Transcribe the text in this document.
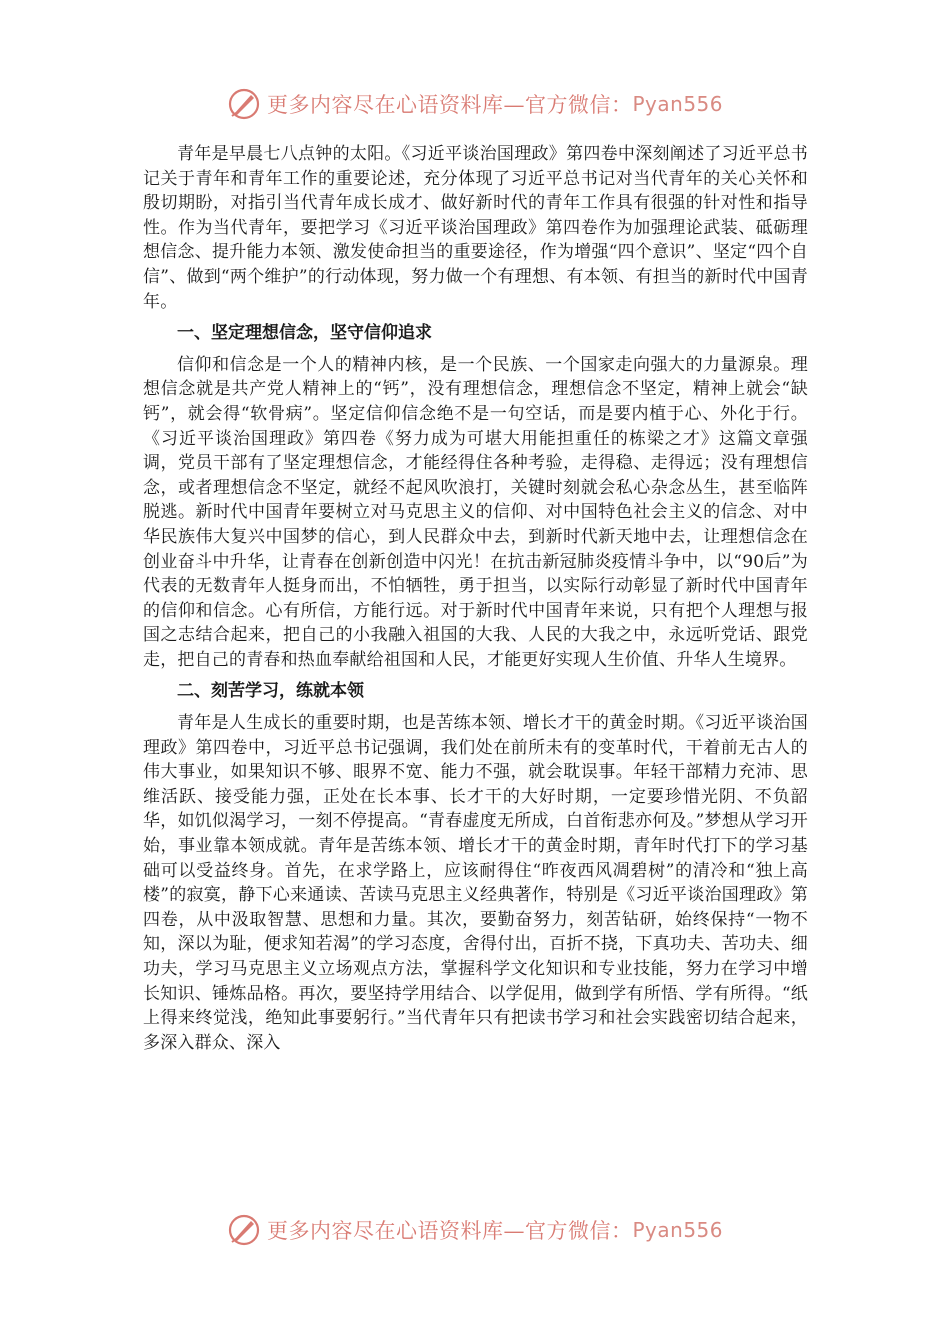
更多内容尽在心语资料库—官方微信： Pyan556

青年是早晨七八点钟的太阳。《习近平谈治国理政》第四卷中深刻阐述了习近平总书记关于青年和青年工作的重要论述，充分体现了习近平总书记对当代青年的关心关怀和殷切期盼，对指引当代青年成长成才、做好新时代的青年工作具有很强的针对性和指导性。作为当代青年，要把学习《习近平谈治国理政》第四卷作为加强理论武装、砥砺理想信念、提升能力本领、激发使命担当的重要途径，作为增强“四个意识”、坚定“四个自信”、做到“两个维护”的行动体现，努力做一个有理想、有本领、有担当的新时代中国青年。

一、坚定理想信念，坚守信仰追求

信仰和信念是一个人的精神内核，是一个民族、一个国家走向强大的力量源泉。理想信念就是共产党人精神上的“钙”，没有理想信念，理想信念不坚定，精神上就会“缺钙”，就会得“软骨病”。坚定信仰信念绝不是一句空话，而是要内植于心、外化于行。《习近平谈治国理政》第四卷《努力成为可堪大用能担重任的栋梁之才》这篇文章强调，党员干部有了坚定理想信念，才能经得住各种考验，走得稳、走得远；没有理想信念，或者理想信念不坚定，就经不起风吹浪打，关键时刻就会私心杂念丛生，甚至临阵脱逃。新时代中国青年要树立对马克思主义的信仰、对中国特色社会主义的信念、对中华民族伟大复兴中国梦的信心，到人民群众中去，到新时代新天地中去，让理想信念在创业奋斗中升华，让青春在创新创造中闪光！在抗击新冠肺炎疫情斗争中，以“90后”为代表的无数青年人挺身而出，不怕牺牲，勇于担当，以实际行动彰显了新时代中国青年的信仰和信念。心有所信，方能行远。对于新时代中国青年来说，只有把个人理想与报国之志结合起来，把自己的小我融入祖国的大我、人民的大我之中，永远听党话、跟党走，把自己的青春和热血奉献给祖国和人民，才能更好实现人生价值、升华人生境界。

二、刻苦学习，练就本领

青年是人生成长的重要时期，也是苦练本领、增长才干的黄金时期。《习近平谈治国理政》第四卷中，习近平总书记强调，我们处在前所未有的变革时代，干着前无古人的伟大事业，如果知识不够、眼界不宽、能力不强，就会耽误事。年轻干部精力充沛、思维活跃、接受能力强，正处在长本事、长才干的大好时期，一定要珍惜光阴、不负韶华，如饥似渴学习，一刻不停提高。“青春虚度无所成，白首衔悲亦何及。”梦想从学习开始，事业靠本领成就。青年是苦练本领、增长才干的黄金时期，青年时代打下的学习基础可以受益终身。首先，在求学路上，应该耐得住“昨夜西风凋碧树”的清冷和“独上高楼”的寂寞，静下心来通读、苦读马克思主义经典著作，特别是《习近平谈治国理政》第四卷，从中汲取智慧、思想和力量。其次，要勤奋努力，刻苦钻研，始终保持“一物不知，深以为耻，便求知若渴”的学习态度，舍得付出，百折不挠，下真功夫、苦功夫、细功夫，学习马克思主义立场观点方法，掌握科学文化知识和专业技能，努力在学习中增长知识、锤炼品格。再次，要坚持学用结合、以学促用，做到学有所悟、学有所得。“纸上得来终觉浅，绝知此事要躬行。”当代青年只有把读书学习和社会实践密切结合起来，多深入群众、深入

更多内容尽在心语资料库—官方微信： Pyan556
